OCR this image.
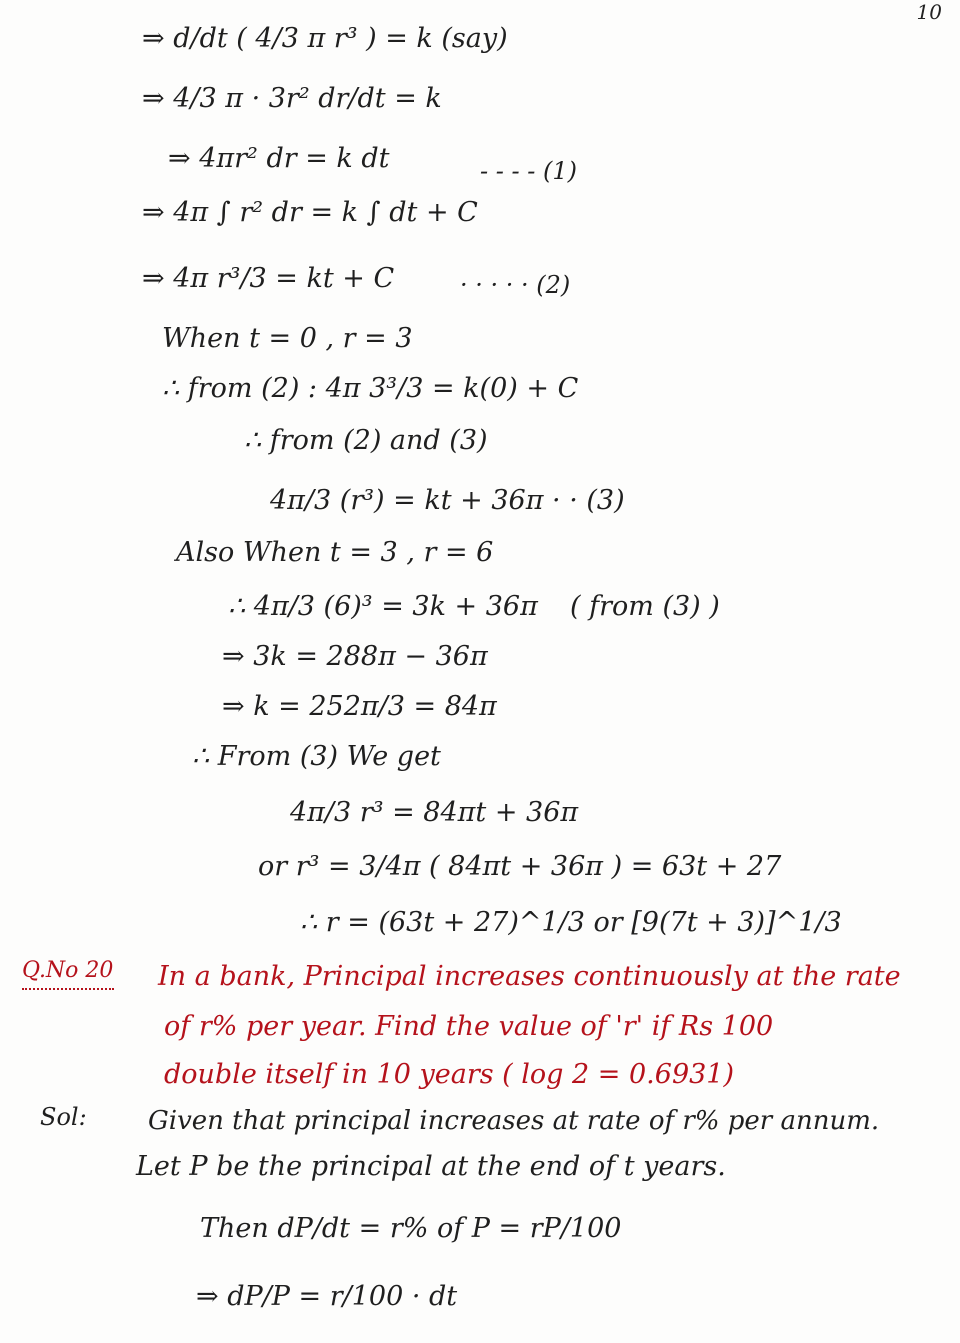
10
⇒ d/dt ( 4/3 π r³ ) = k (say)
⇒ 4/3 π · 3r² dr/dt = k
⇒ 4πr² dr = k dt	- - - - (1)
⇒ 4π ∫ r² dr = k ∫ dt + C
⇒ 4π r³/3 = kt + C	· · · · · (2)
When t = 0 , r = 3
∴ from (2) : 4π 3³/3 = k(0) + C
∴ from (2) and (3)
4π/3 (r³) = kt + 36π · · (3)
Also When t = 3 , r = 6
∴ 4π/3 (6)³ = 3k + 36π ( from (3) )
⇒ 3k = 288π − 36π
⇒ k = 252π/3 = 84π
∴ From (3) We get
4π/3 r³ = 84πt + 36π
or r³ = 3/4π ( 84πt + 36π ) = 63t + 27
∴ r = (63t + 27)^1/3 or [9(7t + 3)]^1/3
Q.No 20 In a bank, Principal increases continuously at the rate
of r% per year. Find the value of 'r' if Rs 100
double itself in 10 years ( log 2 = 0.6931)
Sol: Given that principal increases at rate of r% per annum.
Let P be the principal at the end of t years.
Then dP/dt = r% of P = rP/100
⇒ dP/P = r/100 · dt
